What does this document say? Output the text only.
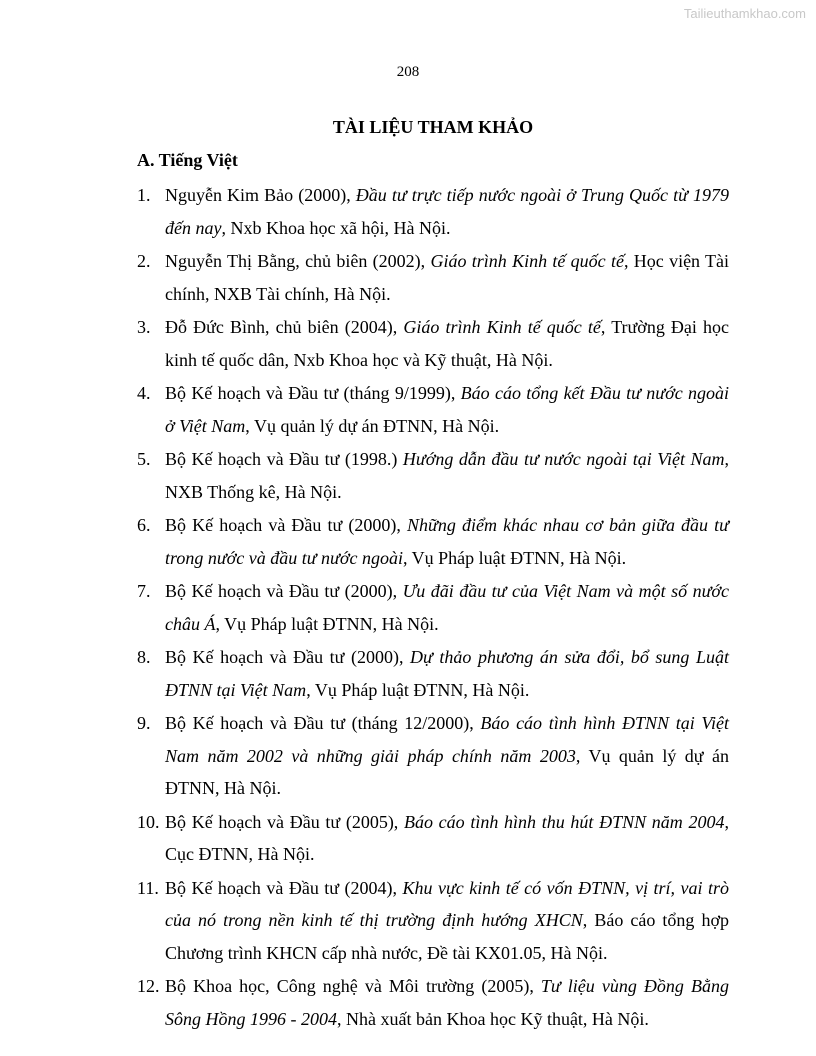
Tailieuthamkhao.com
208
TÀI LIỆU THAM KHẢO
A. Tiếng Việt
1. Nguyễn Kim Bảo (2000), Đầu tư trực tiếp nước ngoài ở Trung Quốc từ 1979 đến nay, Nxb Khoa học xã hội, Hà Nội.
2. Nguyễn Thị Bằng, chủ biên (2002), Giáo trình Kinh tế quốc tế, Học viện Tài chính, NXB Tài chính, Hà Nội.
3. Đỗ Đức Bình, chủ biên (2004), Giáo trình Kinh tế quốc tế, Trường Đại học kinh tế quốc dân, Nxb Khoa học và Kỹ thuật, Hà Nội.
4. Bộ Kế hoạch và Đầu tư (tháng 9/1999), Báo cáo tổng kết Đầu tư nước ngoài ở Việt Nam, Vụ quản lý dự án ĐTNN, Hà Nội.
5. Bộ Kế hoạch và Đầu tư (1998.) Hướng dẫn đầu tư nước ngoài tại Việt Nam, NXB Thống kê, Hà Nội.
6. Bộ Kế hoạch và Đầu tư (2000), Những điểm khác nhau cơ bản giữa đầu tư trong nước và đầu tư nước ngoài, Vụ Pháp luật ĐTNN, Hà Nội.
7. Bộ Kế hoạch và Đầu tư (2000), Ưu đãi đầu tư của Việt Nam và một số nước châu Á, Vụ Pháp luật ĐTNN, Hà Nội.
8. Bộ Kế hoạch và Đầu tư (2000), Dự thảo phương án sửa đổi, bổ sung Luật ĐTNN tại Việt Nam, Vụ Pháp luật ĐTNN, Hà Nội.
9. Bộ Kế hoạch và Đầu tư (tháng 12/2000), Báo cáo tình hình ĐTNN tại Việt Nam năm 2002 và những giải pháp chính năm 2003, Vụ quản lý dự án ĐTNN, Hà Nội.
10. Bộ Kế hoạch và Đầu tư (2005), Báo cáo tình hình thu hút ĐTNN năm 2004, Cục ĐTNN, Hà Nội.
11. Bộ Kế hoạch và Đầu tư (2004), Khu vực kinh tế có vốn ĐTNN, vị trí, vai trò của nó trong nền kinh tế thị trường định hướng XHCN, Báo cáo tổng hợp Chương trình KHCN cấp nhà nước, Đề tài KX01.05, Hà Nội.
12. Bộ Khoa học, Công nghệ và Môi trường (2005), Tư liệu vùng Đồng Bằng Sông Hồng 1996 - 2004, Nhà xuất bản Khoa học Kỹ thuật, Hà Nội.
